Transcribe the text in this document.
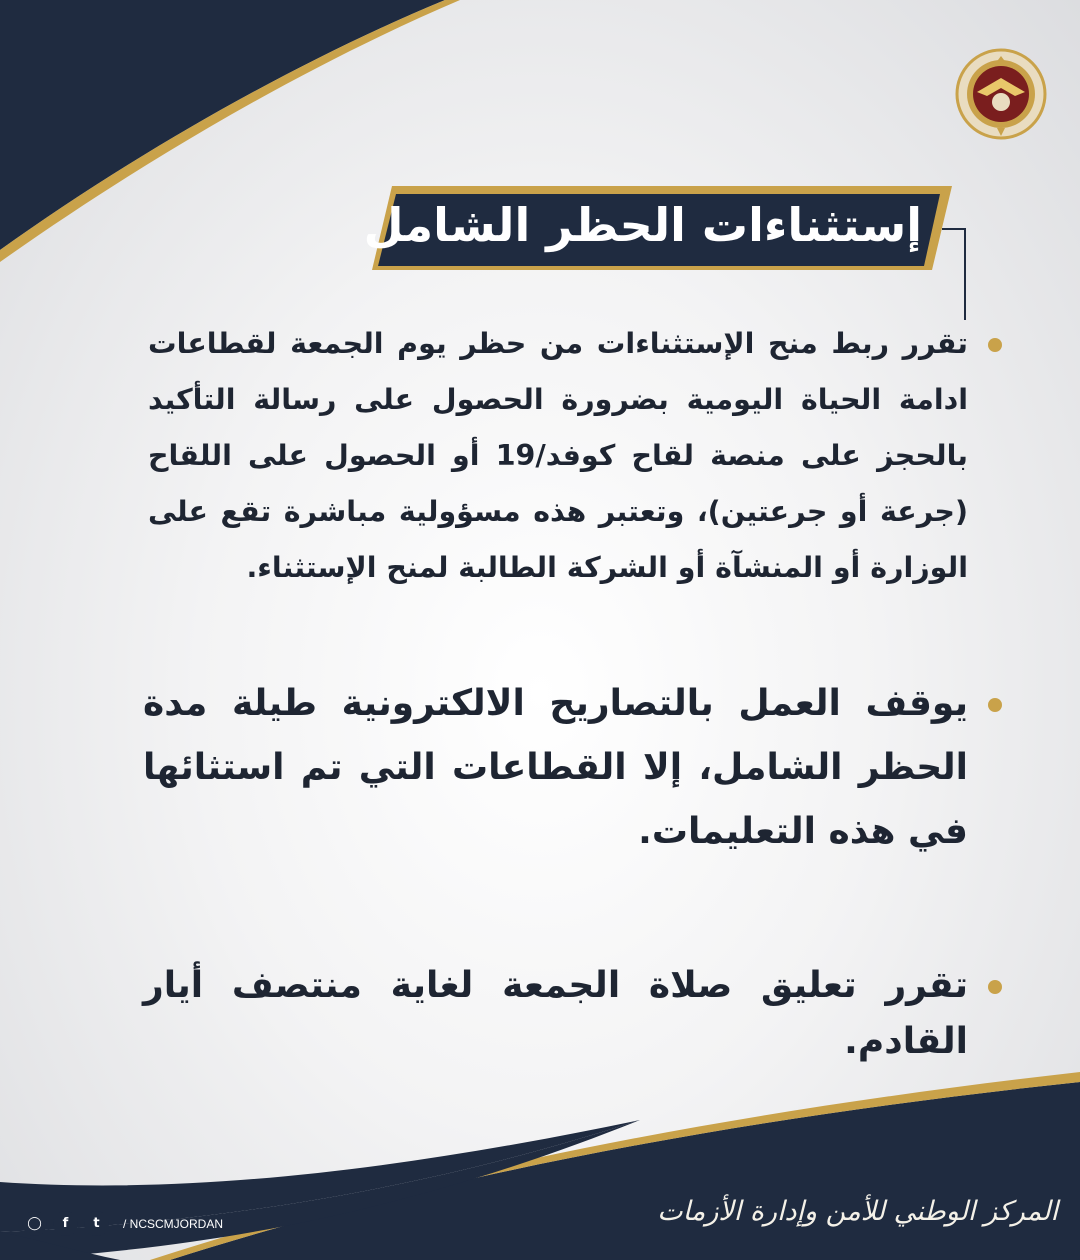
إستثناءات الحظر الشامل
تقرر ربط منح الإستثناءات من حظر يوم الجمعة لقطاعات ادامة الحياة اليومية بضرورة الحصول على رسالة التأكيد بالحجز على منصة لقاح كوفد/19 أو الحصول على اللقاح (جرعة أو جرعتين)، وتعتبر هذه مسؤولية مباشرة تقع على الوزارة أو المنشآة أو الشركة الطالبة لمنح الإستثناء.
يوقف العمل بالتصاريح الالكترونية طيلة مدة الحظر الشامل، إلا القطاعات التي تم استثائها في هذه التعليمات.
تقرر تعليق صلاة الجمعة لغاية منتصف أيار القادم.
◯	f	t	/ NCSCMJORDAN	المركز الوطني للأمن وإدارة الأزمات
